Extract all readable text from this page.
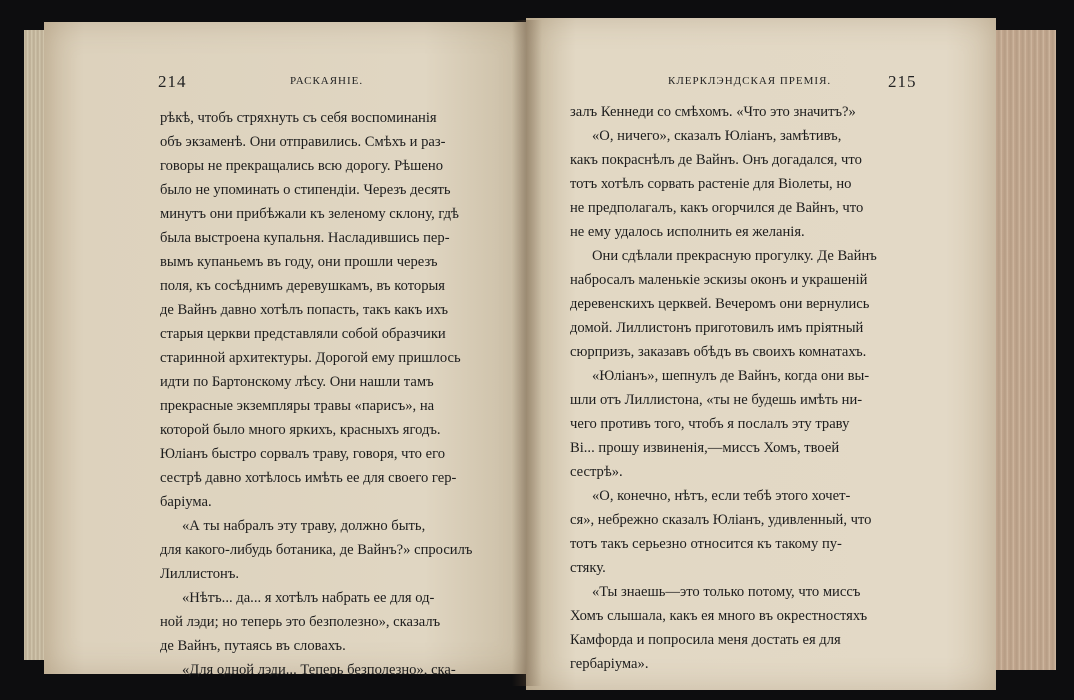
214	РАСКАЯНІЕ.	КЛЕРКЛЭНДСКАЯ ПРЕМІЯ.	215
рѣкѣ, чтобъ стряхнуть съ себя воспоминанія
объ экзаменѣ. Они отправились. Смѣхъ и раз-
говоры не прекращались всю дорогу. Рѣшено
было не упоминать о стипендіи. Черезъ десять
минутъ они прибѣжали къ зеленому склону, гдѣ
была выстроена купальня. Насладившись пер-
вымъ купаньемъ въ году, они прошли черезъ
поля, къ сосѣднимъ деревушкамъ, въ которыя
де Вайнъ давно хотѣлъ попасть, такъ какъ ихъ
старыя церкви представляли собой образчики
старинной архитектуры. Дорогой ему пришлось
идти по Бартонскому лѣсу. Они нашли тамъ
прекрасные экземпляры травы «парисъ», на
которой было много яркихъ, красныхъ ягодъ.
Юліанъ быстро сорвалъ траву, говоря, что его
сестрѣ давно хотѣлось имѣть ее для своего гер-
баріума.
«А ты набралъ эту траву, должно быть,
для какого-либудь ботаника, де Вайнъ?» спросилъ
Лиллистонъ.
«Нѣтъ... да... я хотѣлъ набрать ее для од-
ной лэди; но теперь это безполезно», сказалъ
де Вайнъ, путаясь въ словахъ.
«Для одной лэди... Теперь безполезно», ска-
залъ Кеннеди со смѣхомъ. «Что это значитъ?»
«О, ничего», сказалъ Юліанъ, замѣтивъ,
какъ покраснѣлъ де Вайнъ. Онъ догадался, что
тотъ хотѣлъ сорвать растеніе для Віолеты, но
не предполагалъ, какъ огорчился де Вайнъ, что
не ему удалось исполнить ея желанія.
Они сдѣлали прекрасную прогулку. Де Вайнъ
набросалъ маленькіе эскизы оконъ и украшеній
деревенскихъ церквей. Вечеромъ они вернулись
домой. Лиллистонъ приготовилъ имъ пріятный
сюрпризъ, заказавъ обѣдъ въ своихъ комнатахъ.
«Юліанъ», шепнулъ де Вайнъ, когда они вы-
шли отъ Лиллистона, «ты не будешь имѣть ни-
чего противъ того, чтобъ я послалъ эту траву
Ві... прошу извиненія,—миссъ Хомъ, твоей
сестрѣ».
«О, конечно, нѣтъ, если тебѣ этого хочет-
ся», небрежно сказалъ Юліанъ, удивленный, что
тотъ такъ серьезно относится къ такому пу-
стяку.
«Ты знаешь—это только потому, что миссъ
Хомъ слышала, какъ ея много въ окрестностяхъ
Камфорда и попросила меня достать ея для
гербаріума».
